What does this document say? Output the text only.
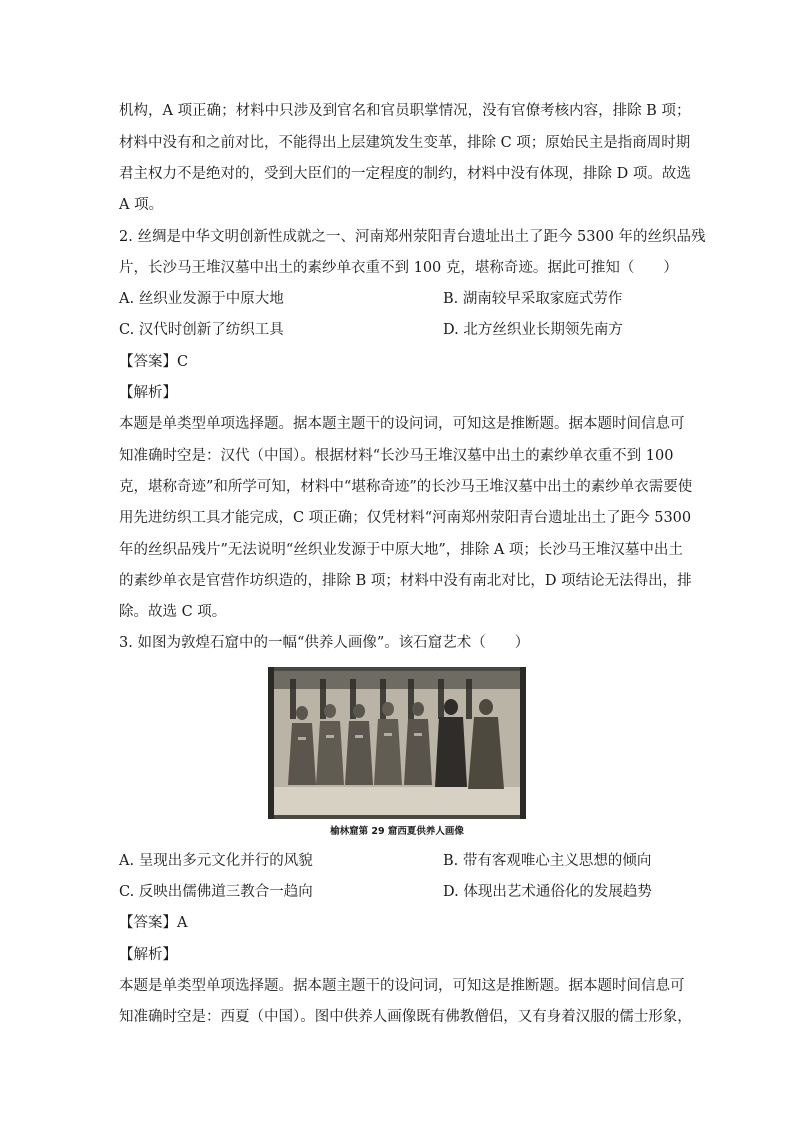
机构，A 项正确；材料中只涉及到官名和官员职掌情况，没有官僚考核内容，排除 B 项；
材料中没有和之前对比，不能得出上层建筑发生变革，排除 C 项；原始民主是指商周时期
君主权力不是绝对的，受到大臣们的一定程度的制约，材料中没有体现，排除 D 项。故选
A 项。
2. 丝绸是中华文明创新性成就之一、河南郑州荥阳青台遗址出土了距今 5300 年的丝织品残
片，长沙马王堆汉墓中出土的素纱单衣重不到 100 克，堪称奇迹。据此可推知（　　）
A. 丝织业发源于中原大地	B. 湖南较早采取家庭式劳作
C. 汉代时创新了纺织工具	D. 北方丝织业长期领先南方
【答案】C
【解析】
本题是单类型单项选择题。据本题主题干的设问词，可知这是推断题。据本题时间信息可
知准确时空是：汉代（中国）。根据材料“长沙马王堆汉墓中出土的素纱单衣重不到 100
克，堪称奇迹”和所学可知，材料中“堪称奇迹”的长沙马王堆汉墓中出土的素纱单衣需要使
用先进纺织工具才能完成，C 项正确；仅凭材料“河南郑州荥阳青台遗址出土了距今 5300
年的丝织品残片”无法说明“丝织业发源于中原大地”，排除 A 项；长沙马王堆汉墓中出土
的素纱单衣是官营作坊织造的，排除 B 项；材料中没有南北对比，D 项结论无法得出，排
除。故选 C 项。
3. 如图为敦煌石窟中的一幅“供养人画像”。该石窟艺术（　　）
榆林窟第 29 窟西夏供养人画像
A. 呈现出多元文化并行的风貌	B. 带有客观唯心主义思想的倾向
C. 反映出儒佛道三教合一趋向	D. 体现出艺术通俗化的发展趋势
【答案】A
【解析】
本题是单类型单项选择题。据本题主题干的设问词，可知这是推断题。据本题时间信息可
知准确时空是：西夏（中国）。图中供养人画像既有佛教僧侣，又有身着汉服的儒士形象，
